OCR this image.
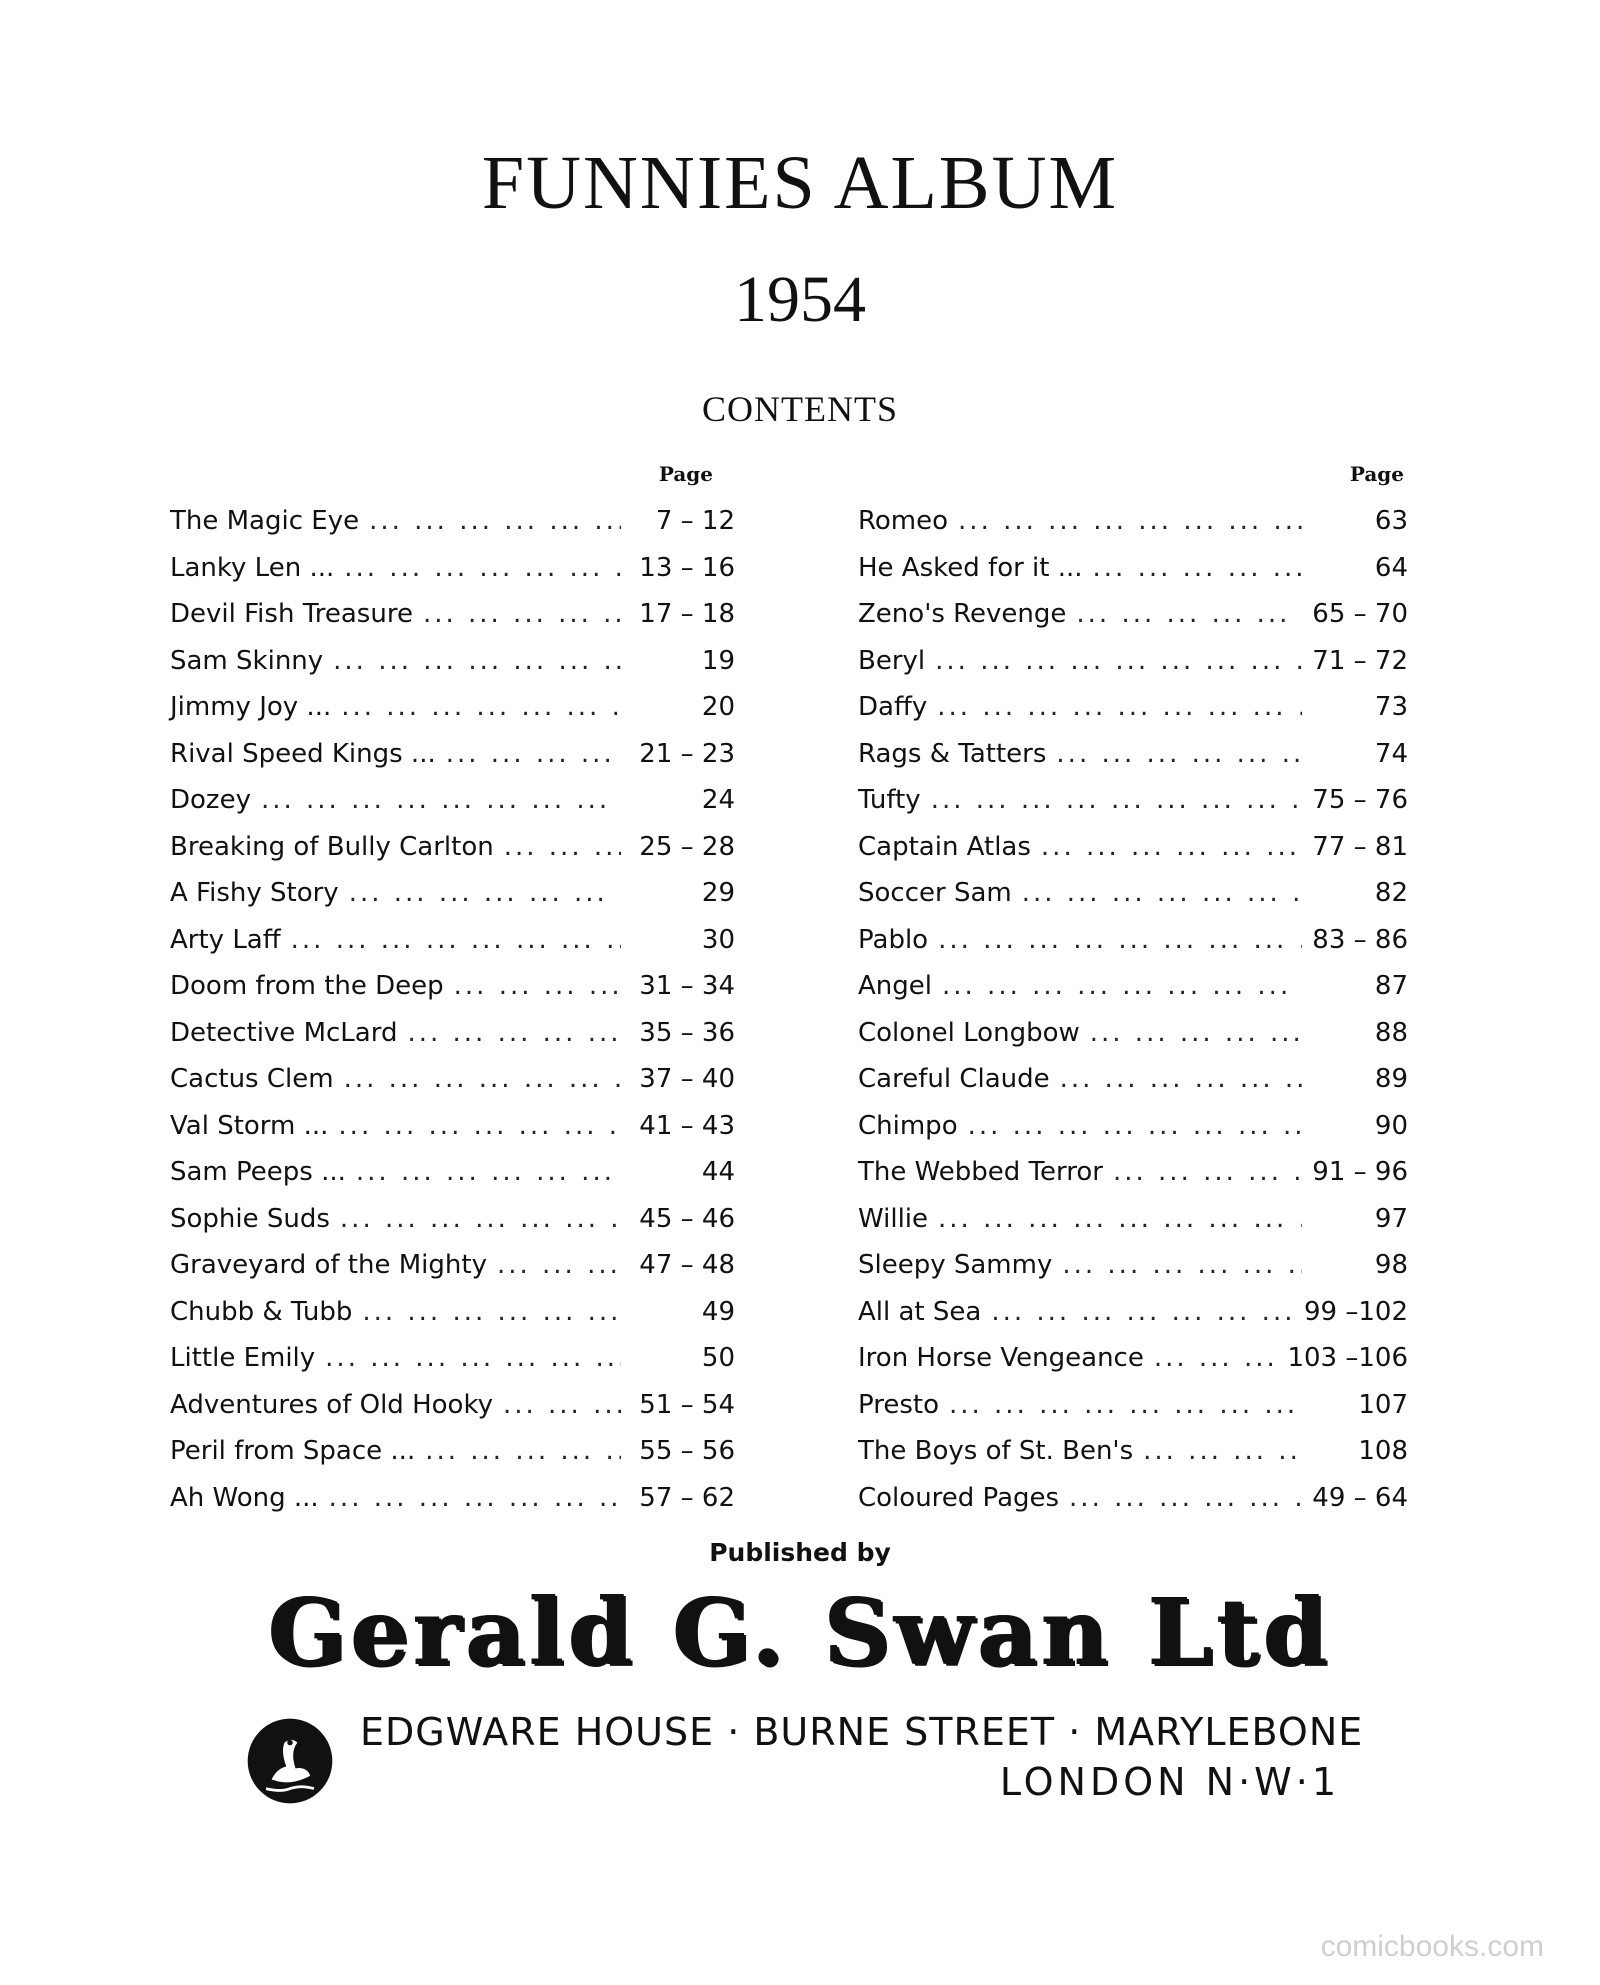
FUNNIES ALBUM
1954
CONTENTS
Page
The Magic Eye ... .	7 – 12
Lanky Len ... ... .	13 – 16
Devil Fish Treasure ... .	17 – 18
Sam Skinny ... .	19
Jimmy Joy ... ... .	20
Rival Speed Kings ... ... .	21 – 23
Dozey ... .	24
Breaking of Bully Carlton ... .	25 – 28
A Fishy Story ... .	29
Arty Laff ... .	30
Doom from the Deep ... .	31 – 34
Detective McLard ... .	35 – 36
Cactus Clem ... .	37 – 40
Val Storm ... ... .	41 – 43
Sam Peeps ... ... .	44
Sophie Suds ... .	45 – 46
Graveyard of the Mighty ... .	47 – 48
Chubb & Tubb ... .	49
Little Emily ... .	50
Adventures of Old Hooky ... .	51 – 54
Peril from Space ... ... .	55 – 56
Ah Wong ... ... .	57 – 62
Page
Romeo ... .	63
He Asked for it ... ... .	64
Zeno's Revenge ... .	65 – 70
Beryl ... .	71 – 72
Daffy ... .	73
Rags & Tatters ... .	74
Tufty ... .	75 – 76
Captain Atlas ... .	77 – 81
Soccer Sam ... .	82
Pablo ... .	83 – 86
Angel ... .	87
Colonel Longbow ... .	88
Careful Claude ... .	89
Chimpo ... .	90
The Webbed Terror ... .	91 – 96
Willie ... .	97
Sleepy Sammy ... .	98
All at Sea ... .	99 –102
Iron Horse Vengeance ... .	103 –106
Presto ... .	107
The Boys of St. Ben's ... .	108
Coloured Pages ... .	49 – 64

Published by

Gerald G. Swan Ltd

EDGWARE HOUSE · BURNE STREET · MARYLEBONE

LONDON N·W·1

comicbooks.com
